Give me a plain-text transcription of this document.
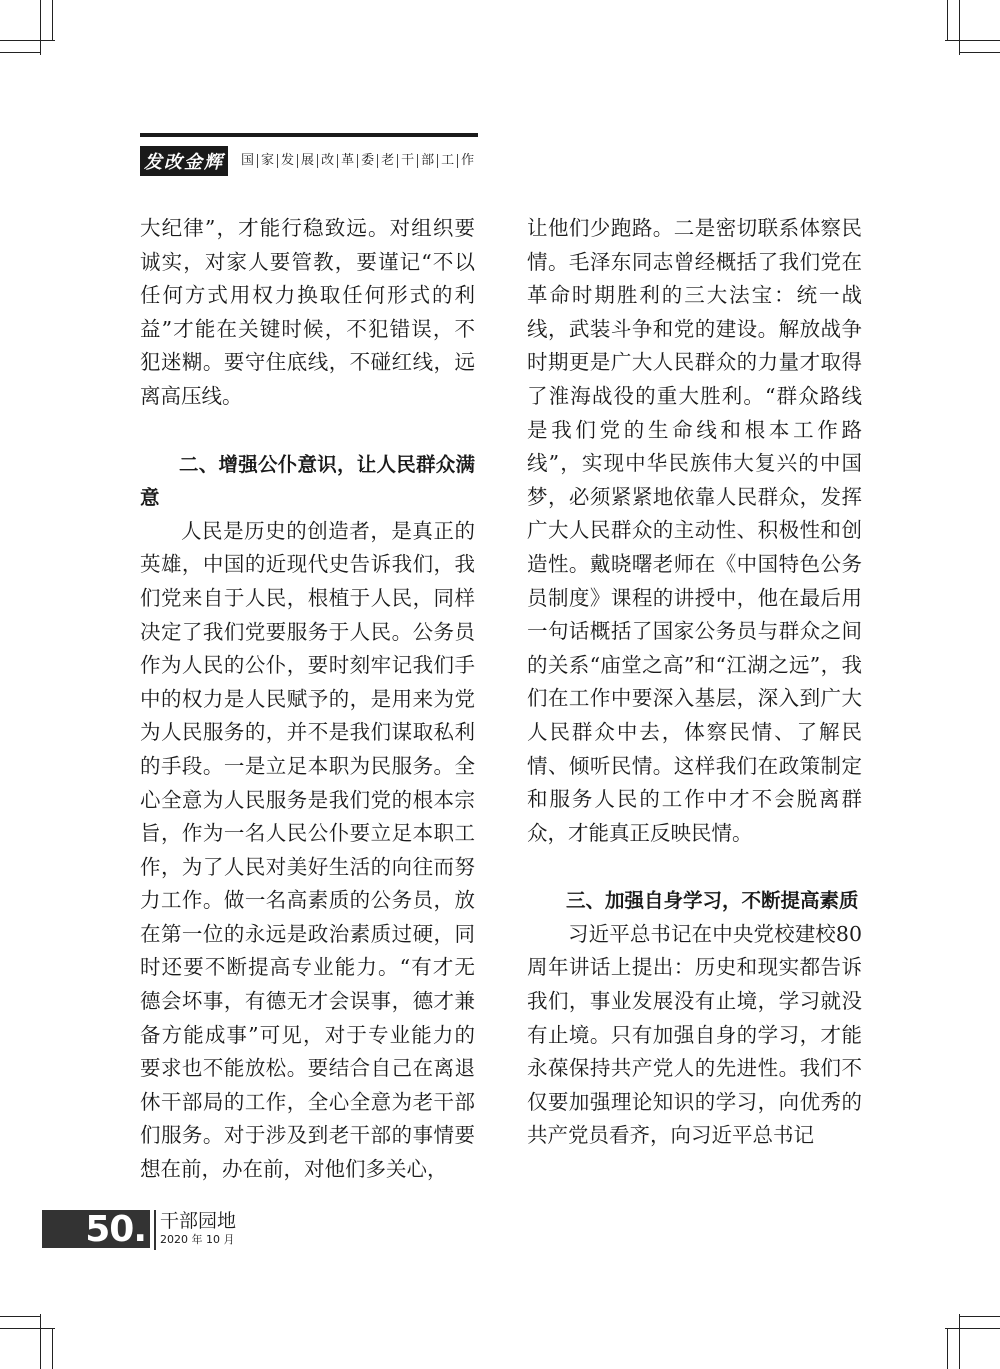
发改金辉	国 家 发 展 改 革 委 老 干 部 工 作

大纪律”，才能行稳致远。对组织要诚实，对家人要管教，要谨记“不以任何方式用权力换取任何形式的利益”才能在关键时候，不犯错误，不犯迷糊。要守住底线，不碰红线，远离高压线。

二、增强公仆意识，让人民群众满意

人民是历史的创造者，是真正的英雄，中国的近现代史告诉我们，我们党来自于人民，根植于人民，同样决定了我们党要服务于人民。公务员作为人民的公仆，要时刻牢记我们手中的权力是人民赋予的，是用来为党为人民服务的，并不是我们谋取私利的手段。一是立足本职为民服务。全心全意为人民服务是我们党的根本宗旨，作为一名人民公仆要立足本职工作，为了人民对美好生活的向往而努力工作。做一名高素质的公务员，放在第一位的永远是政治素质过硬，同时还要不断提高专业能力。“有才无德会坏事，有德无才会误事，德才兼备方能成事”可见，对于专业能力的要求也不能放松。要结合自己在离退休干部局的工作，全心全意为老干部们服务。对于涉及到老干部的事情要想在前，办在前，对他们多关心，

让他们少跑路。二是密切联系体察民情。毛泽东同志曾经概括了我们党在革命时期胜利的三大法宝：统一战线，武装斗争和党的建设。解放战争时期更是广大人民群众的力量才取得了淮海战役的重大胜利。“群众路线是我们党的生命线和根本工作路线”，实现中华民族伟大复兴的中国梦，必须紧紧地依靠人民群众，发挥广大人民群众的主动性、积极性和创造性。戴晓曙老师在《中国特色公务员制度》课程的讲授中，他在最后用一句话概括了国家公务员与群众之间的关系“庙堂之高”和“江湖之远”，我们在工作中要深入基层，深入到广大人民群众中去，体察民情、了解民情、倾听民情。这样我们在政策制定和服务人民的工作中才不会脱离群众，才能真正反映民情。

三、加强自身学习，不断提高素质

习近平总书记在中央党校建校80周年讲话上提出：历史和现实都告诉我们，事业发展没有止境，学习就没有止境。只有加强自身的学习，才能永葆保持共产党人的先进性。我们不仅要加强理论知识的学习，向优秀的共产党员看齐，向习近平总书记

50. 干部园地
2020 年 10 月
